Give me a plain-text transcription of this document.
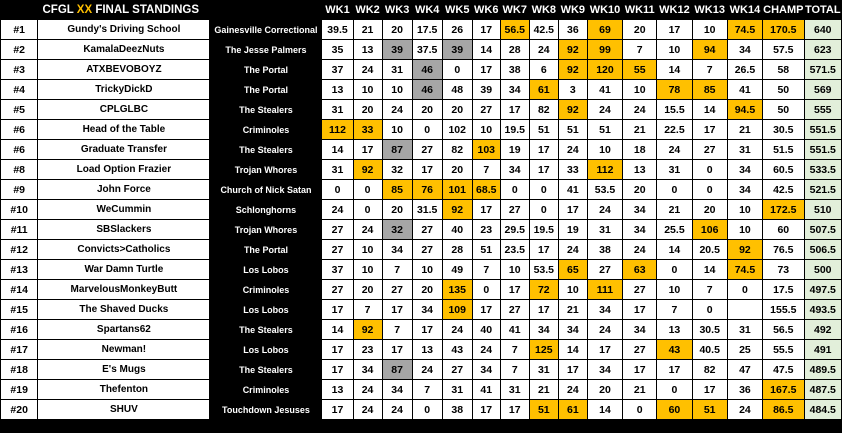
CFGL XX FINAL STANDINGS			WK1	WK2	WK3	WK4	WK5	WK6	WK7	WK8	WK9	WK10	WK11	WK12	WK13	WK14	CHAMP	TOTAL
#1	Gundy's Driving School	Gainesville Correctional	39.5	21	20	17.5	26	17	56.5	42.5	36	69	20	17	10	74.5	170.5	640
#2	KamalaDeezNuts	The Jesse Palmers	35	13	39	37.5	39	14	28	24	92	99	7	10	94	34	57.5	623
#3	ATXBEVOBOYZ	The Portal	37	24	31	46	0	17	38	6	92	120	55	14	7	26.5	58	571.5
#4	TrickyDickD	The Portal	13	10	10	46	48	39	34	61	3	41	10	78	85	41	50	569
#5	CPLGLBC	The Stealers	31	20	24	20	20	27	17	82	92	24	24	15.5	14	94.5	50	555
#6	Head of the Table	Criminoles	112	33	10	0	102	10	19.5	51	51	51	21	22.5	17	21	30.5	551.5
#6	Graduate Transfer	The Stealers	14	17	87	27	82	103	19	17	24	10	18	24	27	31	51.5	551.5
#8	Load Option Frazier	Trojan Whores	31	92	32	17	20	7	34	17	33	112	13	31	0	34	60.5	533.5
#9	John Force	Church of Nick Satan	0	0	85	76	101	68.5	0	0	41	53.5	20	0	0	34	42.5	521.5
#10	WeCummin	Schlonghorns	24	0	20	31.5	92	17	27	0	17	24	34	21	20	10	172.5	510
#11	SBSlackers	Trojan Whores	27	24	32	27	40	23	29.5	19.5	19	31	34	25.5	106	10	60	507.5
#12	Convicts>Catholics	The Portal	27	10	34	27	28	51	23.5	17	24	38	24	14	20.5	92	76.5	506.5
#13	War Damn Turtle	Los Lobos	37	10	7	10	49	7	10	53.5	65	27	63	0	14	74.5	73	500
#14	MarvelousMonkeyButt	Criminoles	27	20	27	20	135	0	17	72	10	111	27	10	7	0	17.5	497.5
#15	The Shaved Ducks	Los Lobos	17	7	17	34	109	17	27	17	21	34	17	7	0		155.5	493.5
#16	Spartans62	The Stealers	14	92	7	17	24	40	41	34	34	24	34	13	30.5	31	56.5	492
#17	Newman!	Los Lobos	17	23	17	13	43	24	7	125	14	17	27	43	40.5	25	55.5	491
#18	E's Mugs	The Stealers	17	34	87	24	27	34	7	31	17	34	17	17	82	47	47.5	489.5
#19	Thefenton	Criminoles	13	24	34	7	31	41	31	21	24	20	21	0	17	36	167.5	487.5
#20	SHUV	Touchdown Jesuses	17	24	24	0	38	17	17	51	61	14	0	60	51	24	86.5	484.5
